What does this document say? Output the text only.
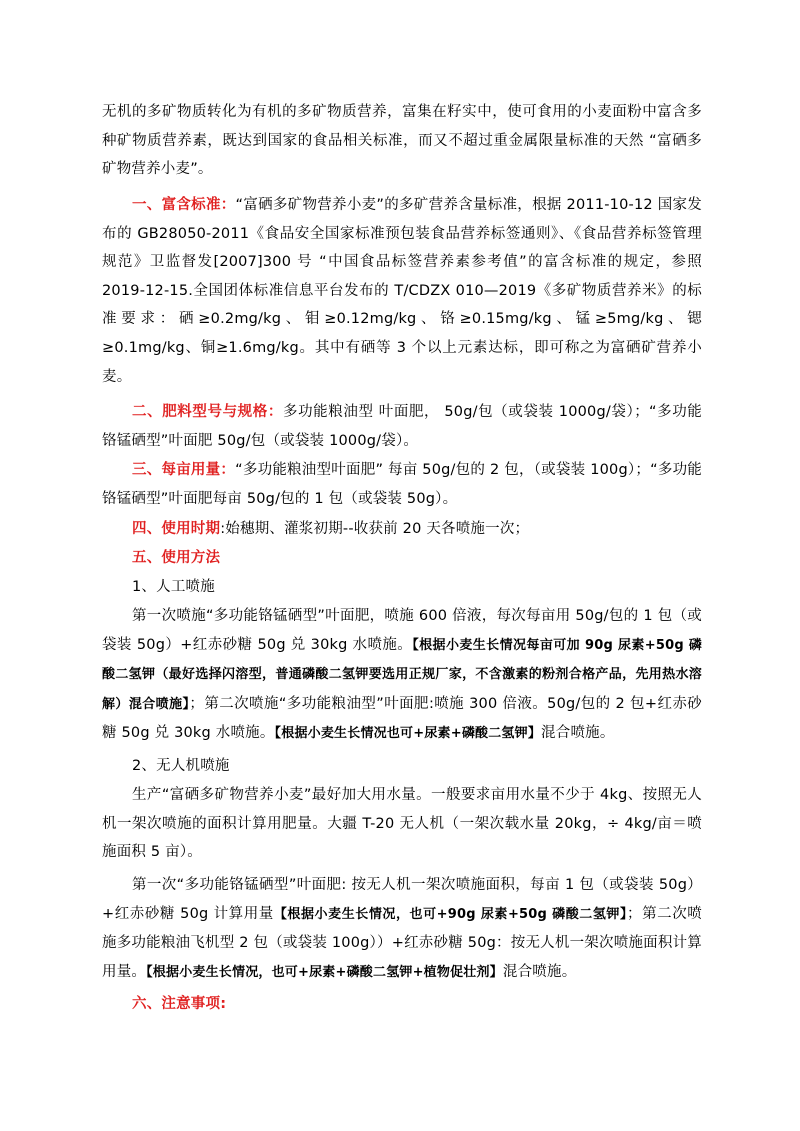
无机的多矿物质转化为有机的多矿物质营养，富集在籽实中，使可食用的小麦面粉中富含多种矿物质营养素，既达到国家的食品相关标准，而又不超过重金属限量标准的天然 “富硒多矿物营养小麦”。

一、富含标准：“富硒多矿物营养小麦”的多矿营养含量标准，根据 2011-10-12 国家发布的 GB28050-2011《食品安全国家标准预包装食品营养标签通则》、《食品营养标签管理规范》卫监督发[2007]300 号 “中国食品标签营养素参考值”的富含标准的规定，参照 2019-12-15.全国团体标准信息平台发布的 T/CDZX 010—2019《多矿物质营养米》的标准要求：硒≥0.2mg/kg、钼≥0.12mg/kg、铬≥0.15mg/kg、锰≥5mg/kg、锶≥0.1mg/kg、铜≥1.6mg/kg。其中有硒等 3 个以上元素达标，即可称之为富硒矿营养小麦。

二、肥料型号与规格：多功能粮油型 叶面肥， 50g/包（或袋装 1000g/袋）；“多功能铬锰硒型”叶面肥 50g/包（或袋装 1000g/袋）。

三、每亩用量：“多功能粮油型叶面肥” 每亩 50g/包的 2 包，（或袋装 100g）；“多功能铬锰硒型”叶面肥每亩 50g/包的 1 包（或袋装 50g）。

四、使用时期:始穗期、灌浆初期--收获前 20 天各喷施一次；

五、使用方法

1、人工喷施

第一次喷施“多功能铬锰硒型”叶面肥，喷施 600 倍液，每次每亩用 50g/包的 1 包（或袋装 50g）+红赤砂糖 50g 兑 30kg 水喷施。【根据小麦生长情况每亩可加 90g 尿素+50g 磷酸二氢钾（最好选择闪溶型，普通磷酸二氢钾要选用正规厂家，不含激素的粉剂合格产品，先用热水溶解）混合喷施】；第二次喷施“多功能粮油型”叶面肥:喷施 300 倍液。50g/包的 2 包+红赤砂糖 50g 兑 30kg 水喷施。【根据小麦生长情况也可+尿素+磷酸二氢钾】混合喷施。

2、无人机喷施

生产“富硒多矿物营养小麦”最好加大用水量。一般要求亩用水量不少于 4kg、按照无人机一架次喷施的面积计算用肥量。大疆 T-20 无人机（一架次载水量 20kg，÷ 4kg/亩＝喷施面积 5 亩）。

第一次“多功能铬锰硒型”叶面肥: 按无人机一架次喷施面积，每亩 1 包（或袋装 50g）+红赤砂糖 50g 计算用量【根据小麦生长情况，也可+90g 尿素+50g 磷酸二氢钾】；第二次喷施多功能粮油飞机型 2 包（或袋装 100g））+红赤砂糖 50g：按无人机一架次喷施面积计算用量。【根据小麦生长情况，也可+尿素+磷酸二氢钾+植物促壮剂】混合喷施。

六、注意事项:
